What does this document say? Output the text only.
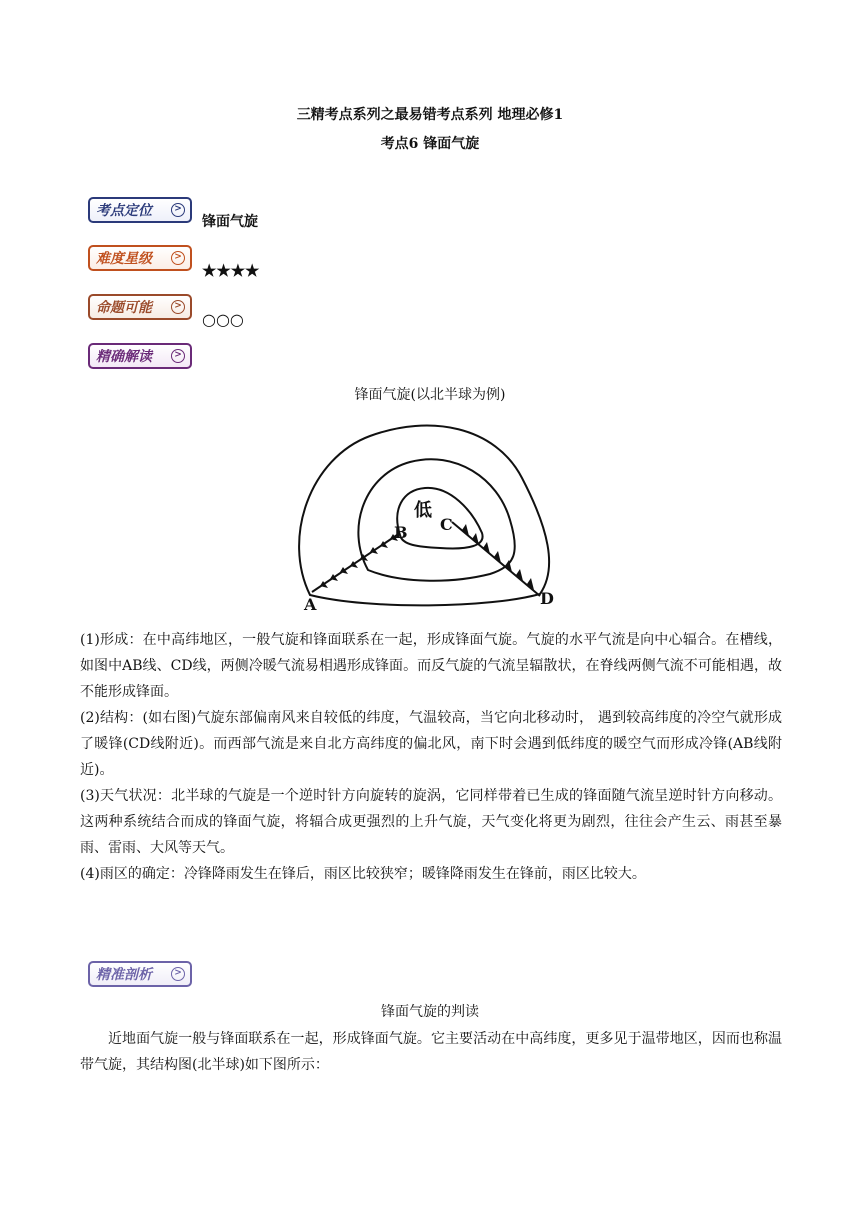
三精考点系列之最易错考点系列 地理必修1
考点6 锋面气旋
考点定位	>
锋面气旋
难度星级	>
★★★★
命题可能	>
○○○
精确解读	>
锋面气旋(以北半球为例)
低
B C
A	D

(1)形成：在中高纬地区，一般气旋和锋面联系在一起，形成锋面气旋。气旋的水平气流是向中心辐合。在槽线，如图中AB线、CD线，两侧冷暖气流易相遇形成锋面。而反气旋的气流呈辐散状，在脊线两侧气流不可能相遇，故不能形成锋面。

(2)结构：(如右图)气旋东部偏南风来自较低的纬度，气温较高，当它向北移动时， 遇到较高纬度的冷空气就形成了暖锋(CD线附近)。而西部气流是来自北方高纬度的偏北风，南下时会遇到低纬度的暖空气而形成冷锋(AB线附近)。

(3)天气状况：北半球的气旋是一个逆时针方向旋转的旋涡，它同样带着已生成的锋面随气流呈逆时针方向移动。这两种系统结合而成的锋面气旋，将辐合成更强烈的上升气旋，天气变化将更为剧烈，往往会产生云、雨甚至暴雨、雷雨、大风等天气。

(4)雨区的确定：冷锋降雨发生在锋后，雨区比较狭窄；暖锋降雨发生在锋前，雨区比较大。

精准剖析	>
锋面气旋的判读

近地面气旋一般与锋面联系在一起，形成锋面气旋。它主要活动在中高纬度，更多见于温带地区，因而也称温带气旋，其结构图(北半球)如下图所示：
